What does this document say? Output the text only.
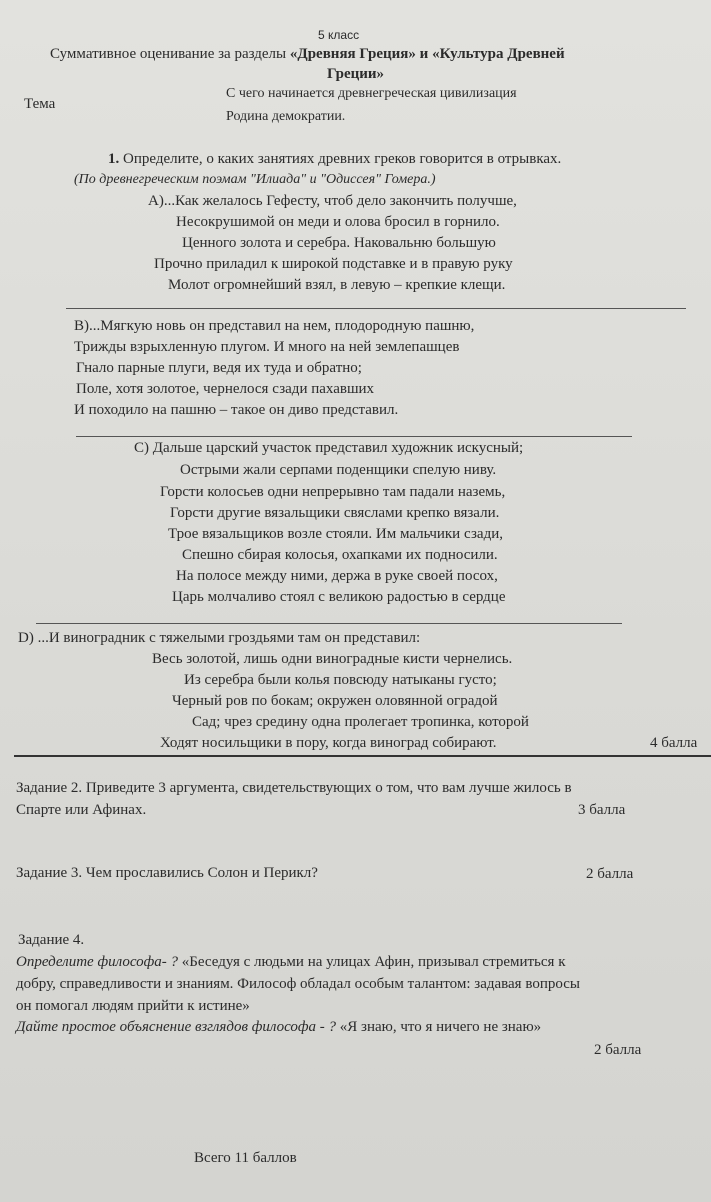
5 класс
Суммативное оценивание за разделы «Древняя Греция» и «Культура Древней
Греции»
Тема
С чего начинается древнегреческая цивилизация
Родина демократии.
1. Определите, о каких занятиях древних греков говорится в отрывках.
(По древнегреческим поэмам "Илиада" и "Одиссея" Гомера.)
A)...Как желалось Гефесту, чтоб дело закончить получше,
Несокрушимой он меди и олова бросил в горнило.
Ценного золота и серебра. Наковальню большую
Прочно приладил к широкой подставке и в правую руку
Молот огромнейший взял, в левую – крепкие клещи.
B)...Мягкую новь он представил на нем, плодородную пашню,
Трижды взрыхленную плугом. И много на ней землепашцев
Гнало парные плуги, ведя их туда и обратно;
Поле, хотя золотое, чернелося сзади пахавших
И походило на пашню – такое он диво представил.
C) Дальше царский участок представил художник искусный;
Острыми жали серпами поденщики спелую ниву.
Горсти колосьев одни непрерывно там падали наземь,
Горсти другие вязальщики свяслами крепко вязали.
Трое вязальщиков возле стояли. Им мальчики сзади,
Спешно сбирая колосья, охапками их подносили.
На полосе между ними, держа в руке своей посох,
Царь молчаливо стоял с великою радостью в сердце
D) ...И виноградник с тяжелыми гроздьями там он представил:
Весь золотой, лишь одни виноградные кисти чернелись.
Из серебра были колья повсюду натыканы густо;
Черный ров по бокам; окружен оловянной оградой
Сад; чрез средину одна пролегает тропинка, которой
Ходят носильщики в пору, когда виноград собирают.	4 балла
Задание 2. Приведите 3 аргумента, свидетельствующих о том, что вам лучше жилось в
Спарте или Афинах.	3 балла
Задание 3. Чем прославились Солон и Перикл?	2 балла
Задание 4.
Определите философа- ? «Беседуя с людьми на улицах Афин, призывал стремиться к
добру, справедливости и знаниям. Философ обладал особым талантом: задавая вопросы
он помогал людям прийти к истине»
Дайте простое объяснение взглядов философа - ? «Я знаю, что я ничего не знаю»
2 балла
Всего 11 баллов
